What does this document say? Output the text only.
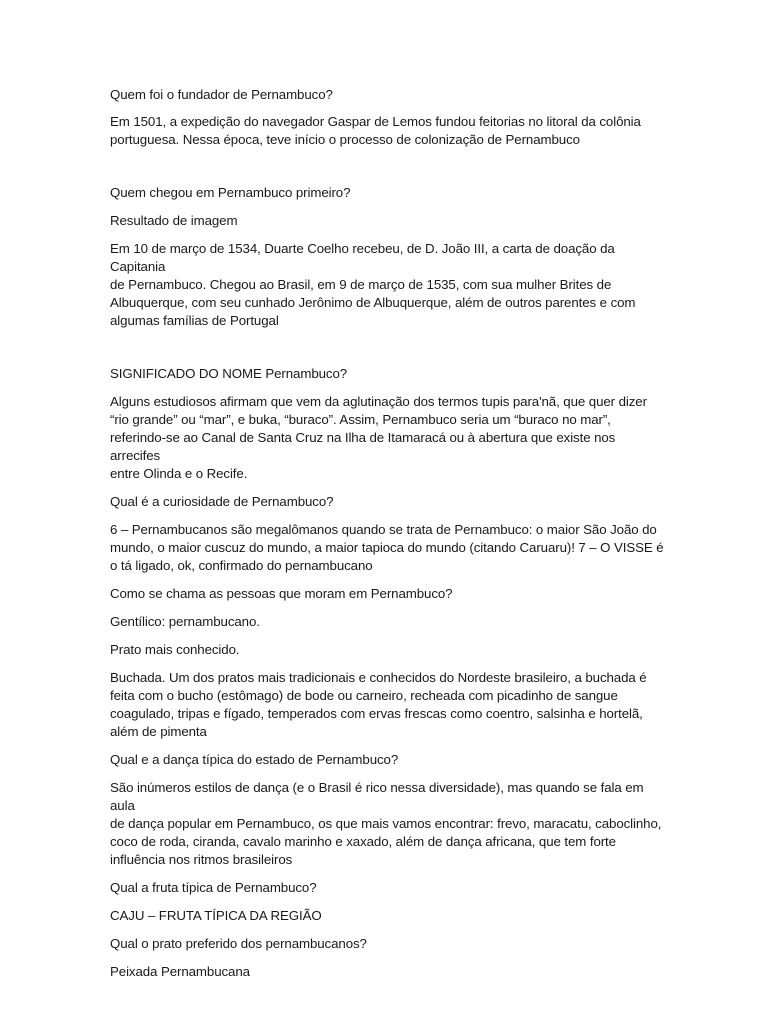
Quem foi o fundador de Pernambuco?

Em 1501, a expedição do navegador Gaspar de Lemos fundou feitorias no litoral da colônia
portuguesa. Nessa época, teve início o processo de colonização de Pernambuco

Quem chegou em Pernambuco primeiro?

Resultado de imagem

Em 10 de março de 1534, Duarte Coelho recebeu, de D. João III, a carta de doação da Capitania
de Pernambuco. Chegou ao Brasil, em 9 de março de 1535, com sua mulher Brites de
Albuquerque, com seu cunhado Jerônimo de Albuquerque, além de outros parentes e com
algumas famílias de Portugal

SIGNIFICADO DO NOME Pernambuco?

Alguns estudiosos afirmam que vem da aglutinação dos termos tupis para'nã, que quer dizer
“rio grande” ou “mar”, e buka, “buraco”. Assim, Pernambuco seria um “buraco no mar”,
referindo-se ao Canal de Santa Cruz na Ilha de Itamaracá ou à abertura que existe nos arrecifes
entre Olinda e o Recife.

Qual é a curiosidade de Pernambuco?

6 – Pernambucanos são megalômanos quando se trata de Pernambuco: o maior São João do
mundo, o maior cuscuz do mundo, a maior tapioca do mundo (citando Caruaru)! 7 – O VISSE é
o tá ligado, ok, confirmado do pernambucano

Como se chama as pessoas que moram em Pernambuco?

Gentílico: pernambucano.

Prato mais conhecido.

Buchada. Um dos pratos mais tradicionais e conhecidos do Nordeste brasileiro, a buchada é
feita com o bucho (estômago) de bode ou carneiro, recheada com picadinho de sangue
coagulado, tripas e fígado, temperados com ervas frescas como coentro, salsinha e hortelã,
além de pimenta

Qual e a dança típica do estado de Pernambuco?

São inúmeros estilos de dança (e o Brasil é rico nessa diversidade), mas quando se fala em aula
de dança popular em Pernambuco, os que mais vamos encontrar: frevo, maracatu, caboclinho,
coco de roda, ciranda, cavalo marinho e xaxado, além de dança africana, que tem forte
influência nos ritmos brasileiros

Qual a fruta típica de Pernambuco?

CAJU – FRUTA TÍPICA DA REGIÃO

Qual o prato preferido dos pernambucanos?

Peixada Pernambucana
